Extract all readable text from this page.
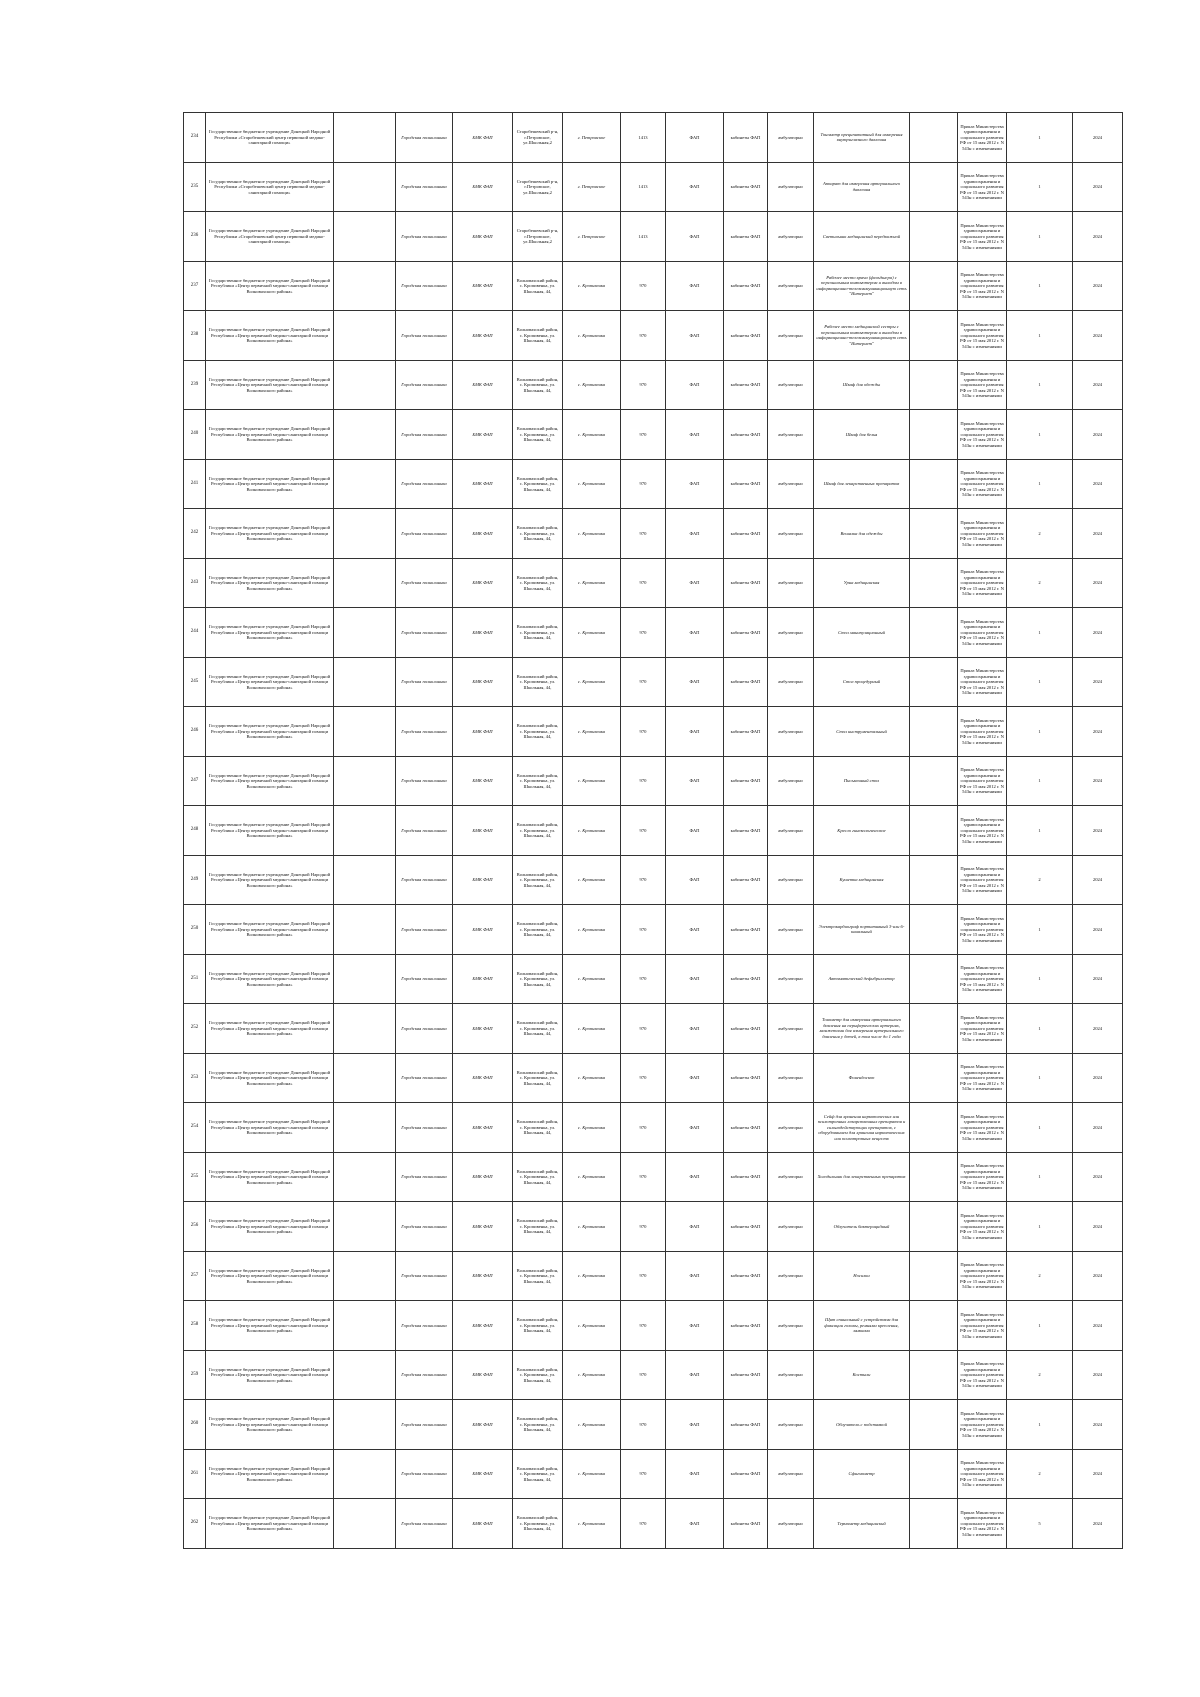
234	Государственное бюджетное учреждение Донецкой Народной Республики «Старобешевский центр первичной медико-санитарной помощи»		Городская поликлиника	БМК ФАП	Старобешевский р-н, г.Петровское, ул.Школьная,2	г. Петровское	1413	ФАП	кабинеты ФАП	амбулаторно	Тонометр преципитатный для измерения внутриглазного давления		Приказ Министерства здравоохранения и социального развития РФ от 15 мая 2012 г. N 543н с изменениями	1	2024
235	Государственное бюджетное учреждение Донецкой Народной Республики «Старобешевский центр первичной медико-санитарной помощи»		Городская поликлиника	БМК ФАП	Старобешевский р-н, г.Петровское, ул.Школьная,2	г. Петровское	1413	ФАП	кабинеты ФАП	амбулаторно	Аппарат для измерения артериального давления		Приказ Министерства здравоохранения и социального развития РФ от 15 мая 2012 г. N 543н с изменениями	1	2024
236	Государственное бюджетное учреждение Донецкой Народной Республики «Старобешевский центр первичной медико-санитарной помощи»		Городская поликлиника	БМК ФАП	Старобешевский р-н, г.Петровское, ул.Школьная,2	г. Петровское	1413	ФАП	кабинеты ФАП	амбулаторно	Светильник медицинский передвижной		Приказ Министерства здравоохранения и социального развития РФ от 15 мая 2012 г. N 543н с изменениями	1	2024
237	Государственное бюджетное учреждение Донецкой Народной Республики «Центр первичной медико-санитарной помощи Волновахского района»		Городская поликлиника	БМК ФАП	Волновахский район, с. Кропивенка, ул. Школьная, 44,	с. Кропивенка	970	ФАП	кабинеты ФАП	амбулаторно	Рабочее место врача (фельдшера) с персональным компьютером и выходом в информационно-телекоммуникационную сеть "Интернет"		Приказ Министерства здравоохранения и социального развития РФ от 15 мая 2012 г. N 543н с изменениями	1	2024
238	Государственное бюджетное учреждение Донецкой Народной Республики «Центр первичной медико-санитарной помощи Волновахского района»		Городская поликлиника	БМК ФАП	Волновахский район, с. Кропивенка, ул. Школьная, 44,	с. Кропивенка	970	ФАП	кабинеты ФАП	амбулаторно	Рабочее место медицинской сестры с персональным компьютером и выходом в информационно-телекоммуникационную сеть "Интернет"		Приказ Министерства здравоохранения и социального развития РФ от 15 мая 2012 г. N 543н с изменениями	1	2024
239	Государственное бюджетное учреждение Донецкой Народной Республики «Центр первичной медико-санитарной помощи Волновахского района»		Городская поликлиника	БМК ФАП	Волновахский район, с. Кропивенка, ул. Школьная, 44,	с. Кропивенка	970	ФАП	кабинеты ФАП	амбулаторно	Шкаф для одежды		Приказ Министерства здравоохранения и социального развития РФ от 15 мая 2012 г. N 543н с изменениями	1	2024
240	Государственное бюджетное учреждение Донецкой Народной Республики «Центр первичной медико-санитарной помощи Волновахского района»		Городская поликлиника	БМК ФАП	Волновахский район, с. Кропивенка, ул. Школьная, 44,	с. Кропивенка	970	ФАП	кабинеты ФАП	амбулаторно	Шкаф для белья		Приказ Министерства здравоохранения и социального развития РФ от 15 мая 2012 г. N 543н с изменениями	1	2024
241	Государственное бюджетное учреждение Донецкой Народной Республики «Центр первичной медико-санитарной помощи Волновахского района»		Городская поликлиника	БМК ФАП	Волновахский район, с. Кропивенка, ул. Школьная, 44,	с. Кропивенка	970	ФАП	кабинеты ФАП	амбулаторно	Шкаф для лекарственных препаратов		Приказ Министерства здравоохранения и социального развития РФ от 15 мая 2012 г. N 543н с изменениями	1	2024
242	Государственное бюджетное учреждение Донецкой Народной Республики «Центр первичной медико-санитарной помощи Волновахского района»		Городская поликлиника	БМК ФАП	Волновахский район, с. Кропивенка, ул. Школьная, 44,	с. Кропивенка	970	ФАП	кабинеты ФАП	амбулаторно	Вешалка для одежды		Приказ Министерства здравоохранения и социального развития РФ от 15 мая 2012 г. N 543н с изменениями	2	2024
243	Государственное бюджетное учреждение Донецкой Народной Республики «Центр первичной медико-санитарной помощи Волновахского района»		Городская поликлиника	БМК ФАП	Волновахский район, с. Кропивенка, ул. Школьная, 44,	с. Кропивенка	970	ФАП	кабинеты ФАП	амбулаторно	Урна медицинская		Приказ Министерства здравоохранения и социального развития РФ от 15 мая 2012 г. N 543н с изменениями	2	2024
244	Государственное бюджетное учреждение Донецкой Народной Республики «Центр первичной медико-санитарной помощи Волновахского района»		Городская поликлиника	БМК ФАП	Волновахский район, с. Кропивенка, ул. Школьная, 44,	с. Кропивенка	970	ФАП	кабинеты ФАП	амбулаторно	Стол манипуляционный		Приказ Министерства здравоохранения и социального развития РФ от 15 мая 2012 г. N 543н с изменениями	1	2024
245	Государственное бюджетное учреждение Донецкой Народной Республики «Центр первичной медико-санитарной помощи Волновахского района»		Городская поликлиника	БМК ФАП	Волновахский район, с. Кропивенка, ул. Школьная, 44,	с. Кропивенка	970	ФАП	кабинеты ФАП	амбулаторно	Стол процедурный		Приказ Министерства здравоохранения и социального развития РФ от 15 мая 2012 г. N 543н с изменениями	1	2024
246	Государственное бюджетное учреждение Донецкой Народной Республики «Центр первичной медико-санитарной помощи Волновахского района»		Городская поликлиника	БМК ФАП	Волновахский район, с. Кропивенка, ул. Школьная, 44,	с. Кропивенка	970	ФАП	кабинеты ФАП	амбулаторно	Стол инструментальный		Приказ Министерства здравоохранения и социального развития РФ от 15 мая 2012 г. N 543н с изменениями	1	2024
247	Государственное бюджетное учреждение Донецкой Народной Республики «Центр первичной медико-санитарной помощи Волновахского района»		Городская поликлиника	БМК ФАП	Волновахский район, с. Кропивенка, ул. Школьная, 44,	с. Кропивенка	970	ФАП	кабинеты ФАП	амбулаторно	Письменный стол		Приказ Министерства здравоохранения и социального развития РФ от 15 мая 2012 г. N 543н с изменениями	1	2024
248	Государственное бюджетное учреждение Донецкой Народной Республики «Центр первичной медико-санитарной помощи Волновахского района»		Городская поликлиника	БМК ФАП	Волновахский район, с. Кропивенка, ул. Школьная, 44,	с. Кропивенка	970	ФАП	кабинеты ФАП	амбулаторно	Кресло гинекологическое		Приказ Министерства здравоохранения и социального развития РФ от 15 мая 2012 г. N 543н с изменениями	1	2024
249	Государственное бюджетное учреждение Донецкой Народной Республики «Центр первичной медико-санитарной помощи Волновахского района»		Городская поликлиника	БМК ФАП	Волновахский район, с. Кропивенка, ул. Школьная, 44,	с. Кропивенка	970	ФАП	кабинеты ФАП	амбулаторно	Кушетка медицинская		Приказ Министерства здравоохранения и социального развития РФ от 15 мая 2012 г. N 543н с изменениями	2	2024
250	Государственное бюджетное учреждение Донецкой Народной Республики «Центр первичной медико-санитарной помощи Волновахского района»		Городская поликлиника	БМК ФАП	Волновахский район, с. Кропивенка, ул. Школьная, 44,	с. Кропивенка	970	ФАП	кабинеты ФАП	амбулаторно	Электрокардиограф портативный 3-или 6-канальный		Приказ Министерства здравоохранения и социального развития РФ от 15 мая 2012 г. N 543н с изменениями	1	2024
251	Государственное бюджетное учреждение Донецкой Народной Республики «Центр первичной медико-санитарной помощи Волновахского района»		Городская поликлиника	БМК ФАП	Волновахский район, с. Кропивенка, ул. Школьная, 44,	с. Кропивенка	970	ФАП	кабинеты ФАП	амбулаторно	Автоматический дефибриллятор		Приказ Министерства здравоохранения и социального развития РФ от 15 мая 2012 г. N 543н с изменениями	1	2024
252	Государственное бюджетное учреждение Донецкой Народной Республики «Центр первичной медико-санитарной помощи Волновахского района»		Городская поликлиника	БМК ФАП	Волновахский район, с. Кропивенка, ул. Школьная, 44,	с. Кропивенка	970	ФАП	кабинеты ФАП	амбулаторно	Тонометр для измерения артериального давления на периферических артериях, манжетами для измерения артериального давления у детей, в том числе до 1 года		Приказ Министерства здравоохранения и социального развития РФ от 15 мая 2012 г. N 543н с изменениями	1	2024
253	Государственное бюджетное учреждение Донецкой Народной Республики «Центр первичной медико-санитарной помощи Волновахского района»		Городская поликлиника	БМК ФАП	Волновахский район, с. Кропивенка, ул. Школьная, 44,	с. Кропивенка	970	ФАП	кабинеты ФАП	амбулаторно	Фонендоскоп		Приказ Министерства здравоохранения и социального развития РФ от 15 мая 2012 г. N 543н с изменениями	1	2024
254	Государственное бюджетное учреждение Донецкой Народной Республики «Центр первичной медико-санитарной помощи Волновахского района»		Городская поликлиника	БМК ФАП	Волновахский район, с. Кропивенка, ул. Школьная, 44,	с. Кропивенка	970	ФАП	кабинеты ФАП	амбулаторно	Сейф для хранения наркотических или психотропных лекарственных препаратов и сильнодействующих препаратов, с оборудованием для хранения наркотических или психотропных веществ		Приказ Министерства здравоохранения и социального развития РФ от 15 мая 2012 г. N 543н с изменениями	1	2024
255	Государственное бюджетное учреждение Донецкой Народной Республики «Центр первичной медико-санитарной помощи Волновахского района»		Городская поликлиника	БМК ФАП	Волновахский район, с. Кропивенка, ул. Школьная, 44,	с. Кропивенка	970	ФАП	кабинеты ФАП	амбулаторно	Холодильник для лекарственных препаратов		Приказ Министерства здравоохранения и социального развития РФ от 15 мая 2012 г. N 543н с изменениями	1	2024
256	Государственное бюджетное учреждение Донецкой Народной Республики «Центр первичной медико-санитарной помощи Волновахского района»		Городская поликлиника	БМК ФАП	Волновахский район, с. Кропивенка, ул. Школьная, 44,	с. Кропивенка	970	ФАП	кабинеты ФАП	амбулаторно	Облучатель бактерицидный		Приказ Министерства здравоохранения и социального развития РФ от 15 мая 2012 г. N 543н с изменениями	1	2024
257	Государственное бюджетное учреждение Донецкой Народной Республики «Центр первичной медико-санитарной помощи Волновахского района»		Городская поликлиника	БМК ФАП	Волновахский район, с. Кропивенка, ул. Школьная, 44,	с. Кропивенка	970	ФАП	кабинеты ФАП	амбулаторно	Носилки		Приказ Министерства здравоохранения и социального развития РФ от 15 мая 2012 г. N 543н с изменениями	2	2024
258	Государственное бюджетное учреждение Донецкой Народной Республики «Центр первичной медико-санитарной помощи Волновахского района»		Городская поликлиника	БМК ФАП	Волновахский район, с. Кропивенка, ул. Школьная, 44,	с. Кропивенка	970	ФАП	кабинеты ФАП	амбулаторно	Щит спинальный с устройством для фиксации головы, ремнями крепления, лямками		Приказ Министерства здравоохранения и социального развития РФ от 15 мая 2012 г. N 543н с изменениями	1	2024
259	Государственное бюджетное учреждение Донецкой Народной Республики «Центр первичной медико-санитарной помощи Волновахского района»		Городская поликлиника	БМК ФАП	Волновахский район, с. Кропивенка, ул. Школьная, 44,	с. Кропивенка	970	ФАП	кабинеты ФАП	амбулаторно	Костыли		Приказ Министерства здравоохранения и социального развития РФ от 15 мая 2012 г. N 543н с изменениями	2	2024
260	Государственное бюджетное учреждение Донецкой Народной Республики «Центр первичной медико-санитарной помощи Волновахского района»		Городская поликлиника	БМК ФАП	Волновахский район, с. Кропивенка, ул. Школьная, 44,	с. Кропивенка	970	ФАП	кабинеты ФАП	амбулаторно	Облучатель с подставкой		Приказ Министерства здравоохранения и социального развития РФ от 15 мая 2012 г. N 543н с изменениями	1	2024
261	Государственное бюджетное учреждение Донецкой Народной Республики «Центр первичной медико-санитарной помощи Волновахского района»		Городская поликлиника	БМК ФАП	Волновахский район, с. Кропивенка, ул. Школьная, 44,	с. Кропивенка	970	ФАП	кабинеты ФАП	амбулаторно	Сфигмометр		Приказ Министерства здравоохранения и социального развития РФ от 15 мая 2012 г. N 543н с изменениями	2	2024
262	Государственное бюджетное учреждение Донецкой Народной Республики «Центр первичной медико-санитарной помощи Волновахского района»		Городская поликлиника	БМК ФАП	Волновахский район, с. Кропивенка, ул. Школьная, 44,	с. Кропивенка	970	ФАП	кабинеты ФАП	амбулаторно	Термометр медицинский		Приказ Министерства здравоохранения и социального развития РФ от 15 мая 2012 г. N 543н с изменениями	5	2024
